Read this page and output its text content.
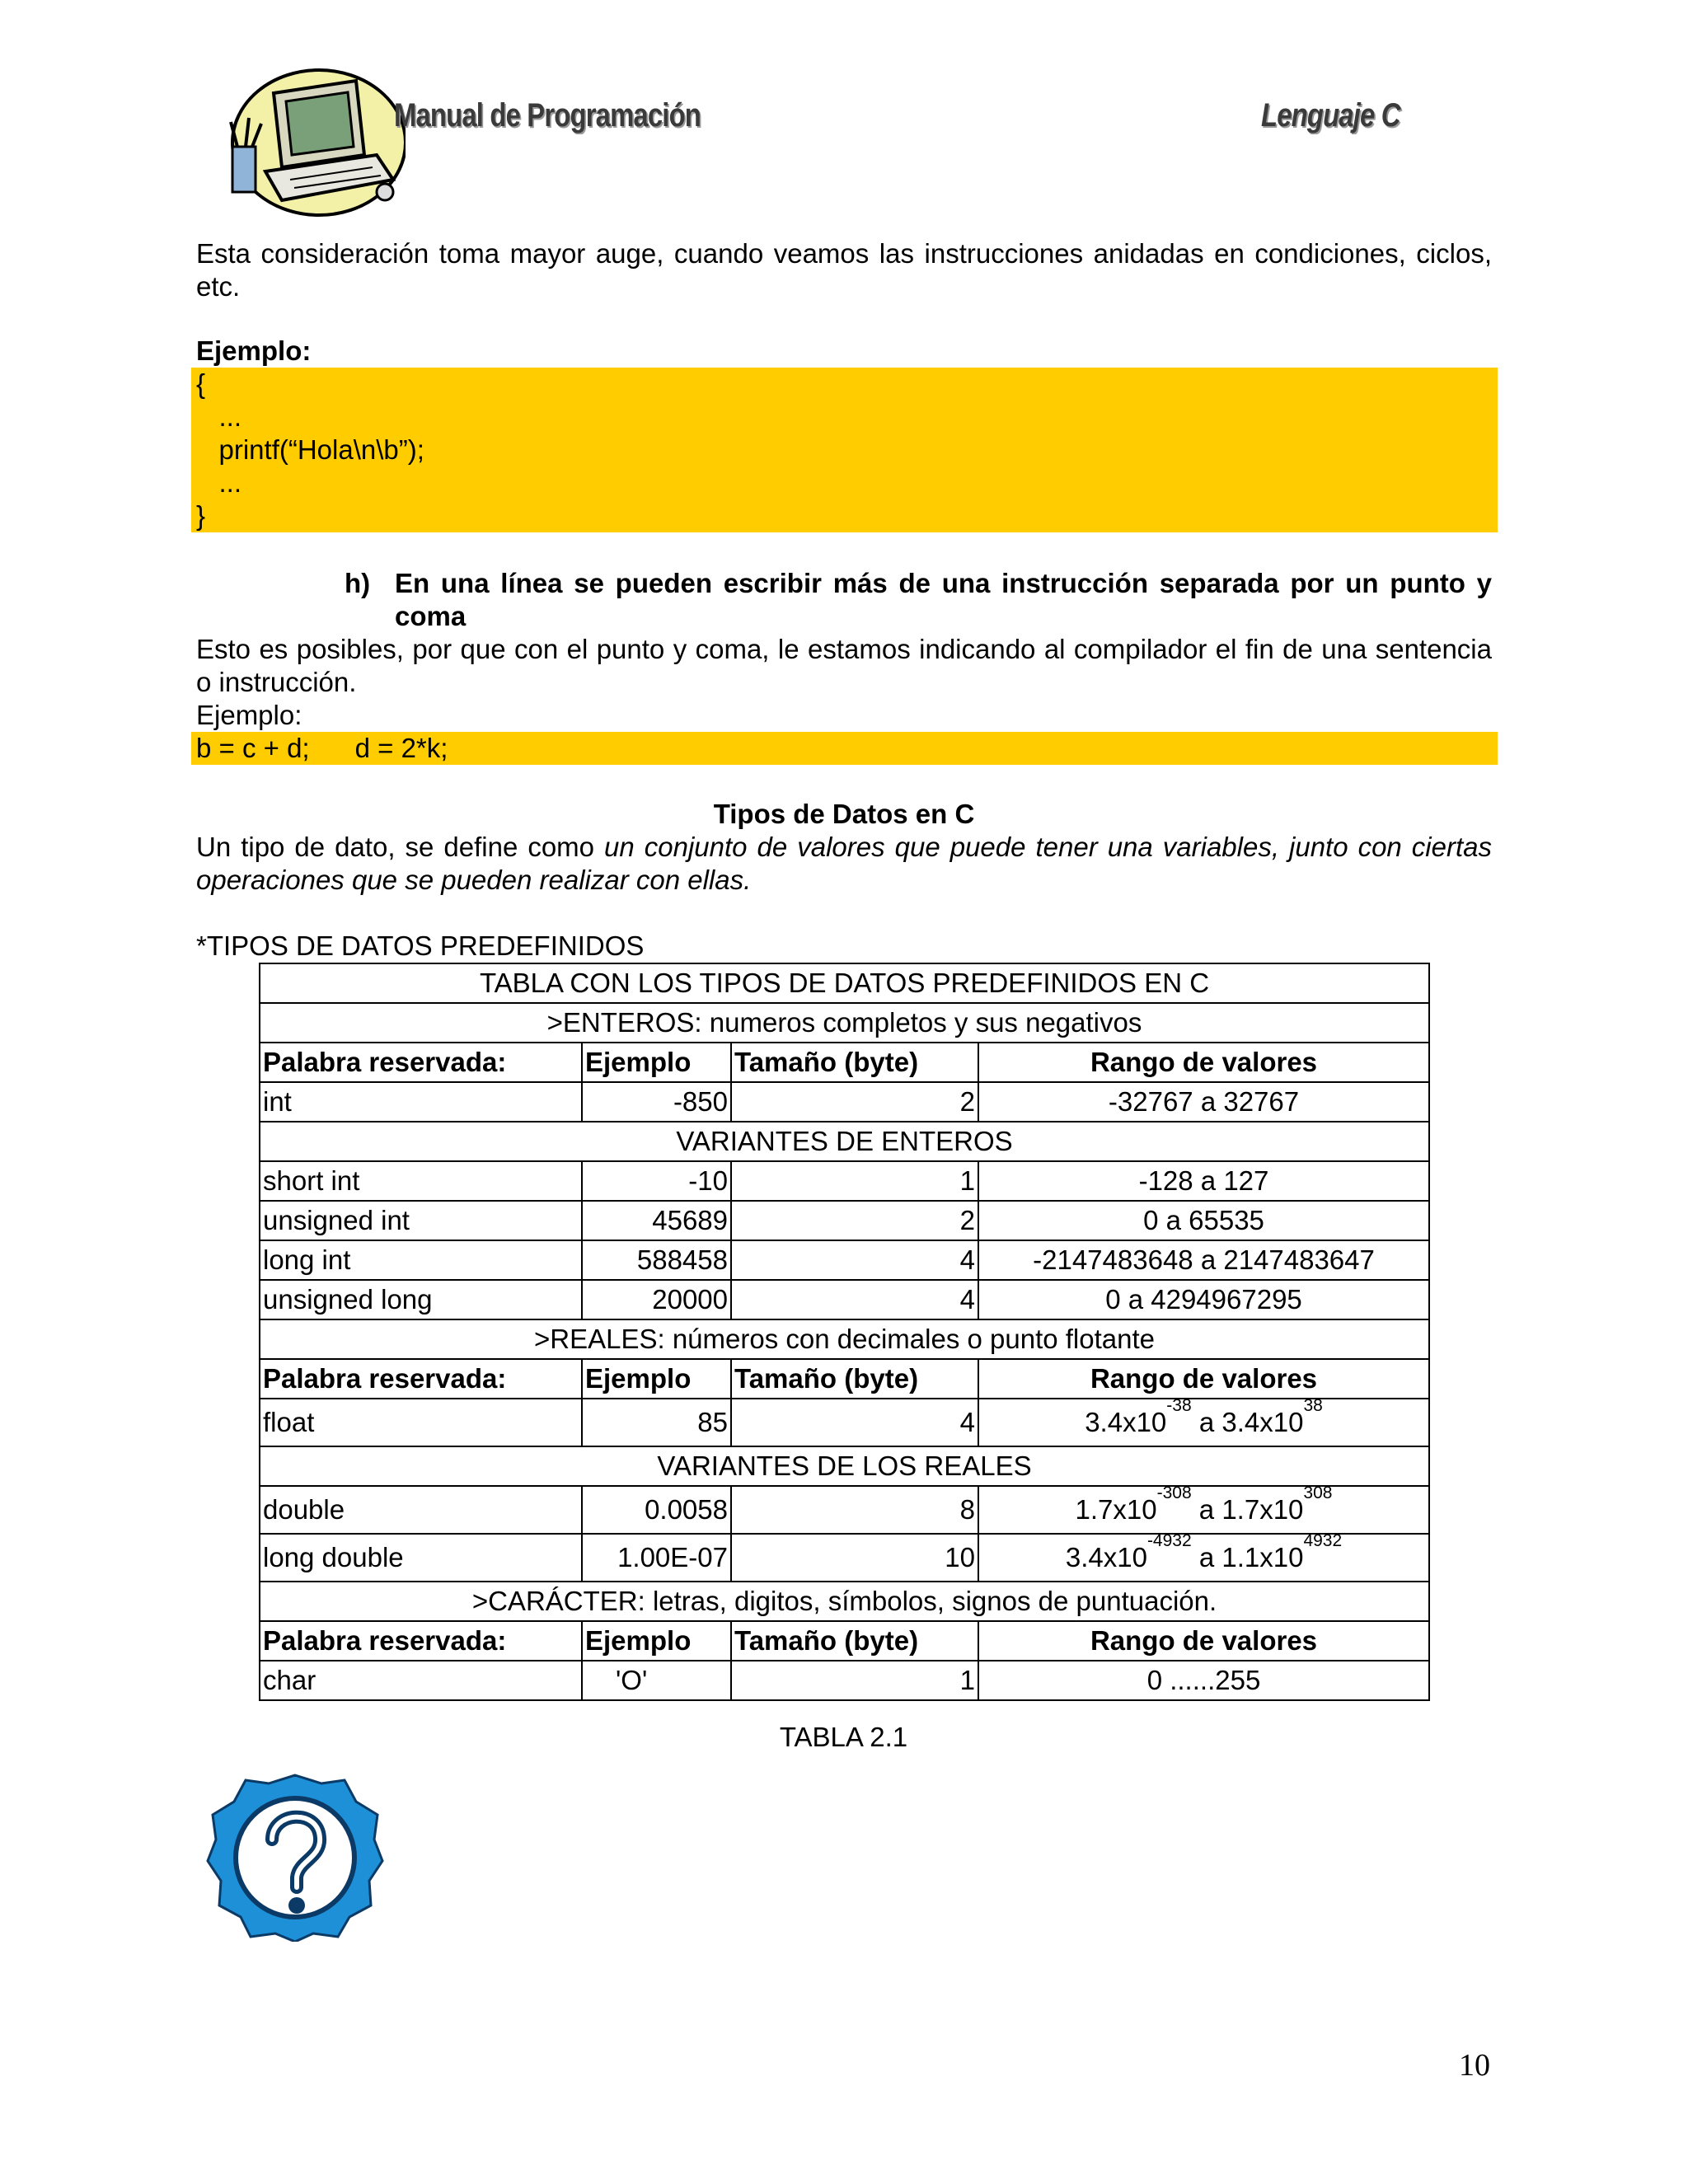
Manual de Programación	Lenguaje C
Esta consideración toma mayor auge, cuando veamos las instrucciones anidadas en condiciones, ciclos,
etc.
Ejemplo:
{
...
printf(“Hola\n\b”);
...
}
h) En una línea se pueden escribir más de una instrucción separada por un punto y
coma
Esto es posibles, por que con el punto y coma, le estamos indicando al compilador el fin de una sentencia
o instrucción.
Ejemplo:
b = c + d;      d = 2*k;
Tipos de Datos en C
Un tipo de dato, se define como un conjunto de valores que puede tener una variables, junto con ciertas
operaciones que se pueden realizar con ellas.
*TIPOS DE DATOS PREDEFINIDOS
TABLA CON LOS TIPOS DE DATOS PREDEFINIDOS EN C			
>ENTEROS: numeros completos y sus negativos			
Palabra reservada:	Ejemplo	Tamaño (byte)	Rango de valores
int	-850	2	-32767 a 32767
VARIANTES DE ENTEROS			
short int	-10	1	-128 a 127
unsigned int	45689	2	0 a 65535
long int	588458	4	-2147483648 a 2147483647
unsigned long	20000	4	0 a 4294967295
>REALES: números con decimales o punto flotante			
Palabra reservada:	Ejemplo	Tamaño (byte)	Rango de valores
float	85	4	$3.4x10^{-38}$ a $3.4x10^{38}$
VARIANTES DE LOS REALES			
double	0.0058	8	$1.7x10^{-308}$ a $1.7x10^{308}$
long double	1.00E-07	10	$3.4x10^{-4932}$ a $1.1x10^{4932}$
>CARÁCTER: letras, digitos, símbolos, signos de puntuación.			
Palabra reservada:	Ejemplo	Tamaño (byte)	Rango de valores
char	'O'	1	0 ......255
TABLA 2.1
10
